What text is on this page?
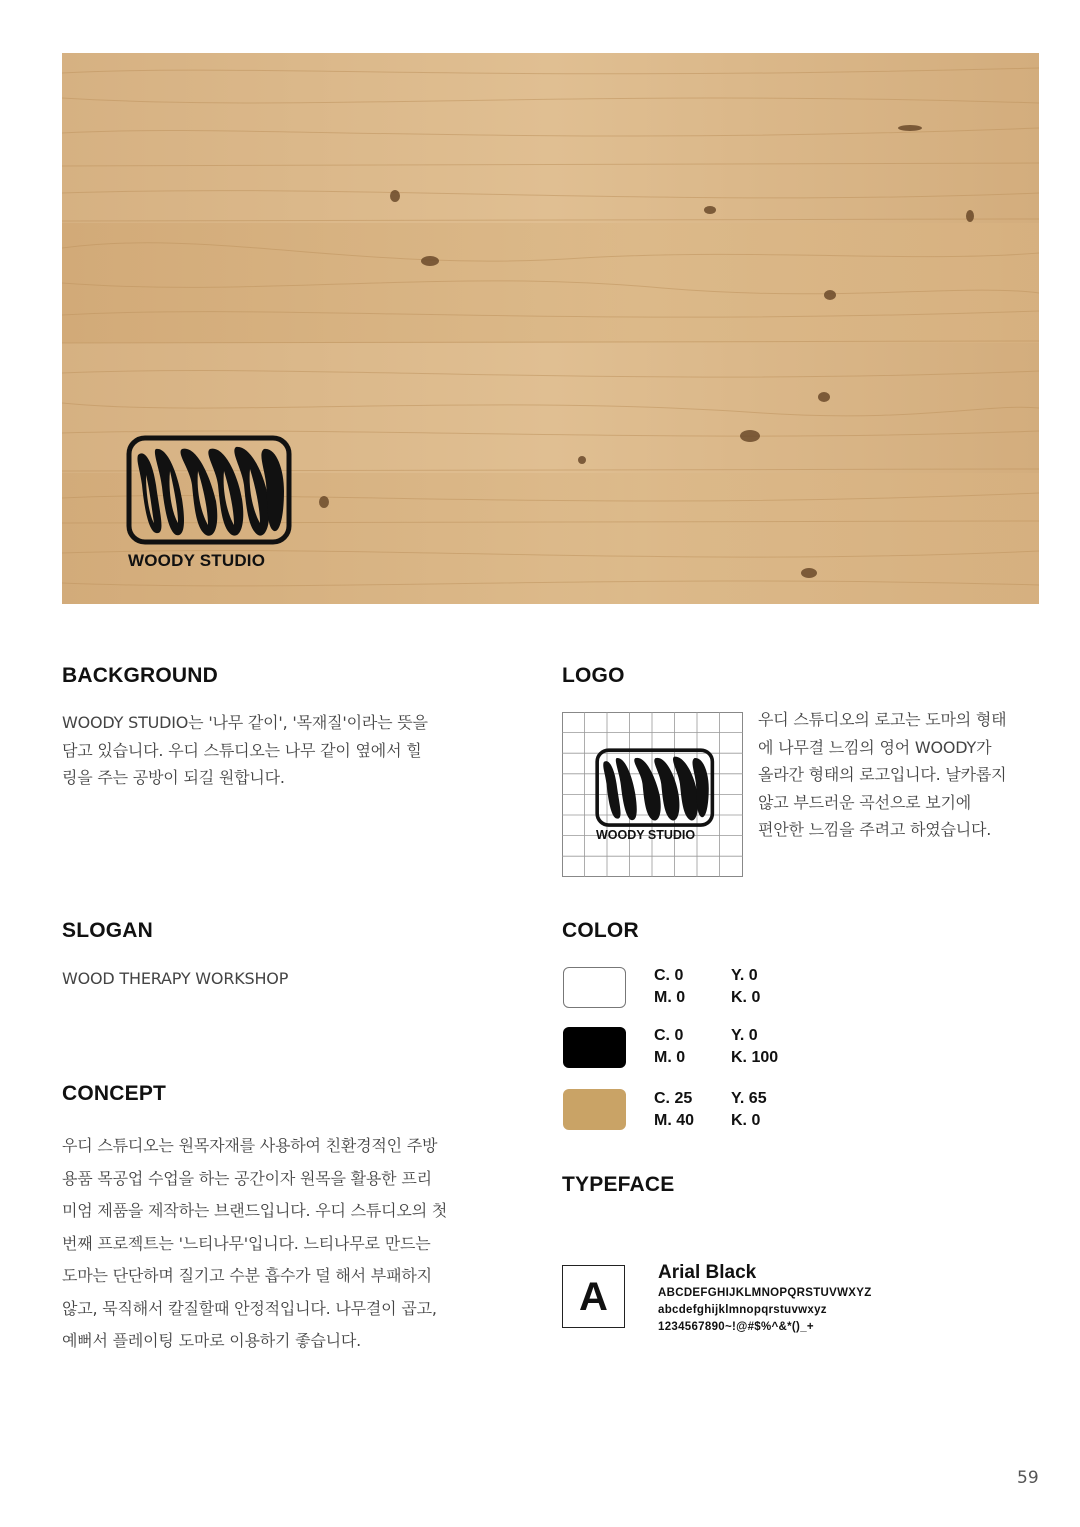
WOODY STUDIO
BACKGROUND
WOODY STUDIO는 '나무 같이', '목재질'이라는 뜻을
담고 있습니다. 우디 스튜디오는 나무 같이 옆에서 힐
링을 주는 공방이 되길 원합니다.
LOGO
WOODY STUDIO
우디 스튜디오의 로고는 도마의 형태
에 나무결 느낌의 영어 WOODY가
올라간 형태의 로고입니다. 날카롭지
않고 부드러운 곡선으로 보기에
편안한 느낌을 주려고 하였습니다.
SLOGAN
WOOD THERAPY WORKSHOP
COLOR
C. 0
M. 0
Y. 0
K. 0
C. 0
M. 0
Y. 0
K. 100
C. 25
M. 40
Y. 65
K. 0
CONCEPT
우디 스튜디오는 원목자재를 사용하여 친환경적인 주방
용품 목공업 수업을 하는 공간이자 원목을 활용한 프리
미엄 제품을 제작하는 브랜드입니다. 우디 스튜디오의 첫
번째 프로젝트는 '느티나무'입니다. 느티나무로 만드는
도마는 단단하며 질기고 수분 흡수가 덜 해서 부패하지
않고, 묵직해서 칼질할때 안정적입니다. 나무결이 곱고,
예뻐서 플레이팅 도마로 이용하기 좋습니다.
TYPEFACE
A
Arial Black
ABCDEFGHIJKLMNOPQRSTUVWXYZ
abcdefghijklmnopqrstuvwxyz
1234567890~!@#$%^&*()_+
59
